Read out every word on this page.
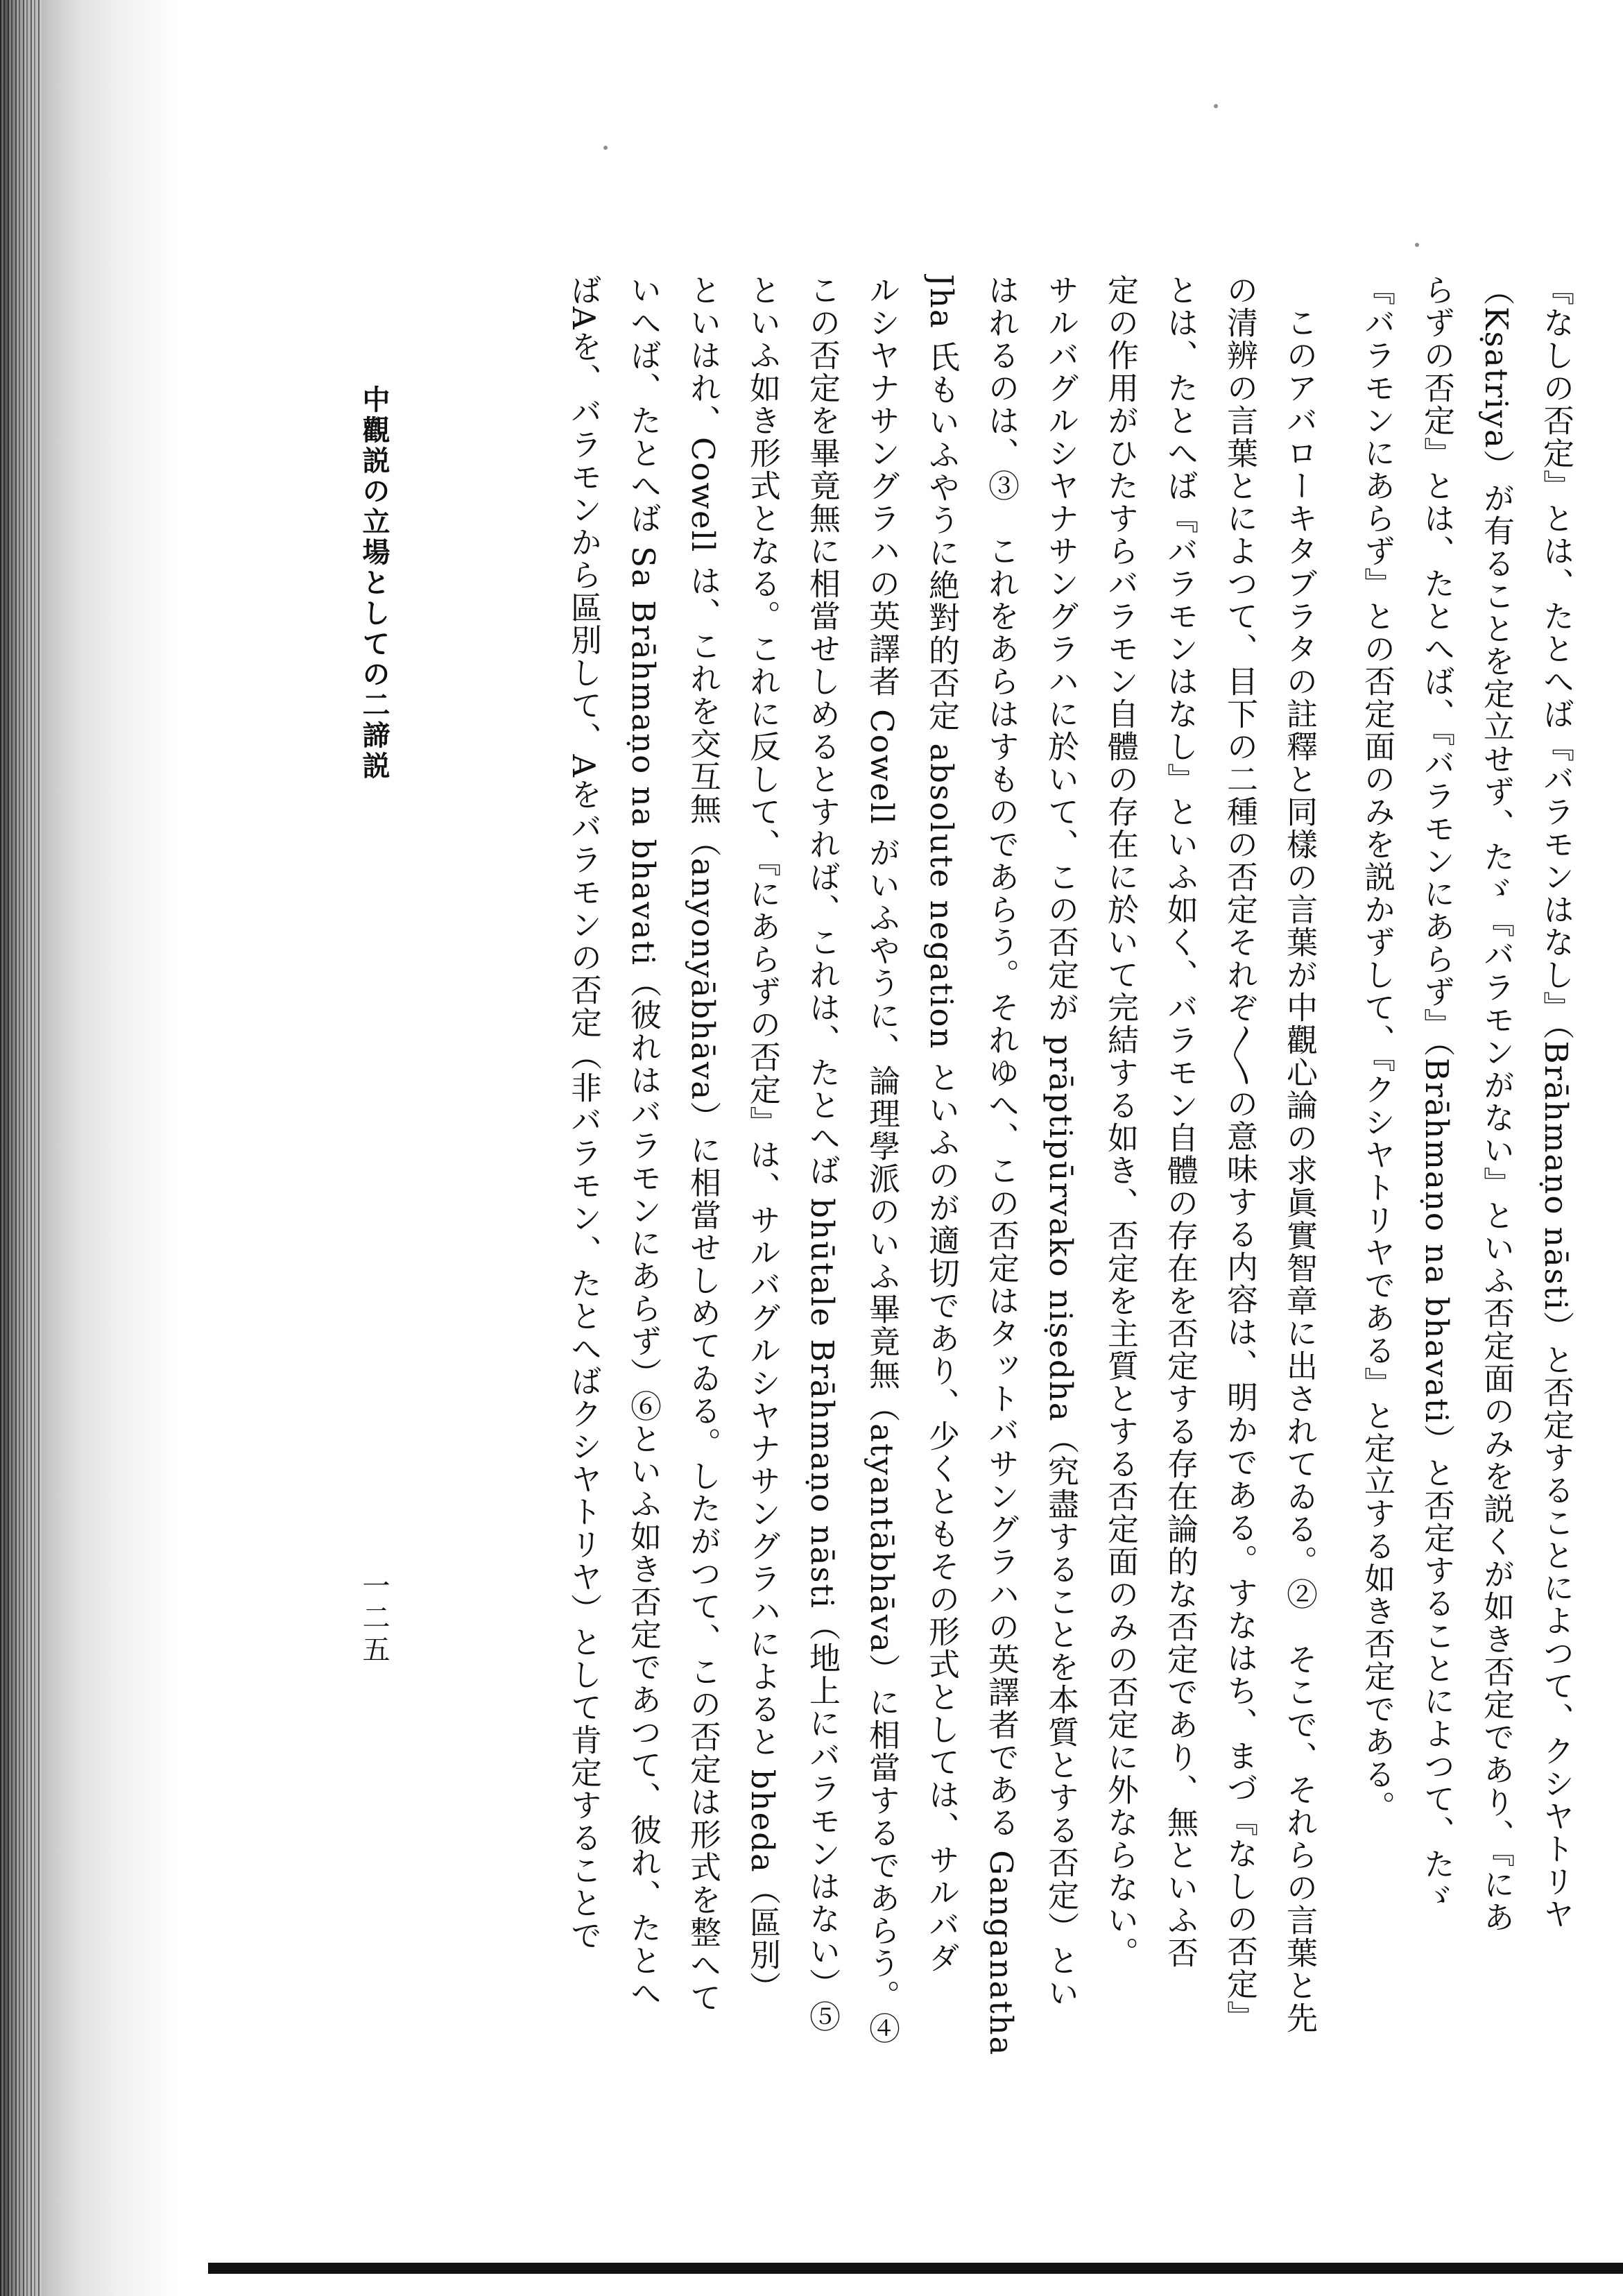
『なしの否定』とは、たとへば『バラモンはなし』（Brāhmaṇo nāsti）と否定することによつて、クシヤトリヤ
（Kṣatriya）が有ることを定立せず、たゞ『バラモンがない』といふ否定面のみを説くが如き否定であり、『にあ
らずの否定』とは、たとへば、『バラモンにあらず』（Brāhmaṇo na bhavati）と否定することによつて、たゞ
『バラモンにあらず』との否定面のみを説かずして、『クシヤトリヤである』と定立する如き否定である。
　このアバローキタブラタの註釋と同樣の言葉が中觀心論の求眞實智章に出されてゐる。②　そこで、それらの言葉と先
の清辨の言葉とによつて、目下の二種の否定それぞ〳〵の意味する内容は、明かである。すなはち、まづ『なしの否定』
とは、たとへば『バラモンはなし』といふ如く、バラモン自體の存在を否定する存在論的な否定であり、無といふ否
定の作用がひたすらバラモン自體の存在に於いて完結する如き、否定を主質とする否定面のみの否定に外ならない。
サルバグルシヤナサングラハに於いて、この否定が prāptipūrvako niṣedha（究盡することを本質とする否定）とい
はれるのは、③　これをあらはすものであらう。それゆへ、この否定はタットバサングラハの英譯者である Ganganatha
Jha 氏もいふやうに絶對的否定 absolute negation といふのが適切であり、少くともその形式としては、サルバダ
ルシヤナサングラハの英譯者 Cowell がいふやうに、論理學派のいふ畢竟無（atyantābhāva）に相當するであらう。④
この否定を畢竟無に相當せしめるとすれば、これは、たとへば bhūtale Brāhmaṇo nāsti（地上にバラモンはない）⑤
といふ如き形式となる。これに反して、『にあらずの否定』は、サルバグルシヤナサングラハによると bheda（區別）
といはれ、Cowell は、これを交互無（anyonyābhāva）に相當せしめてゐる。したがつて、この否定は形式を整へて
いへば、たとへば Sa Brāhmaṇo na bhavati（彼れはバラモンにあらず）⑥といふ如き否定であつて、彼れ、たとへ
ばAを、バラモンから區別して、Aをバラモンの否定（非バラモン、たとへばクシヤトリヤ）として肯定することで
中觀説の立場としての二諦説
一二五
